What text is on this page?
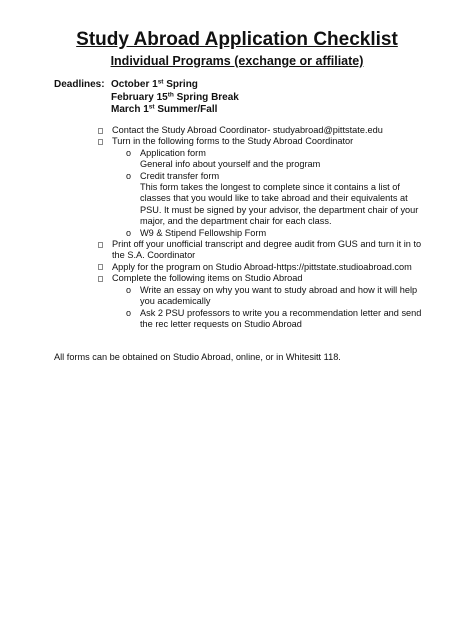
Study Abroad Application Checklist
Individual Programs (exchange or affiliate)
Deadlines: October 1st Spring
February 15th Spring Break
March 1st Summer/Fall
Contact the Study Abroad Coordinator- studyabroad@pittstate.edu
Turn in the following forms to the Study Abroad Coordinator
o Application form
General info about yourself and the program
o Credit transfer form
This form takes the longest to complete since it contains a list of classes that you would like to take abroad and their equivalents at PSU. It must be signed by your advisor, the department chair of your major, and the department chair for each class.
o W9 & Stipend Fellowship Form
Print off your unofficial transcript and degree audit from GUS and turn it in to the S.A. Coordinator
Apply for the program on Studio Abroad-https://pittstate.studioabroad.com
Complete the following items on Studio Abroad
o Write an essay on why you want to study abroad and how it will help you academically
o Ask 2 PSU professors to write you a recommendation letter and send the rec letter requests on Studio Abroad
All forms can be obtained on Studio Abroad, online, or in Whitesitt 118.
